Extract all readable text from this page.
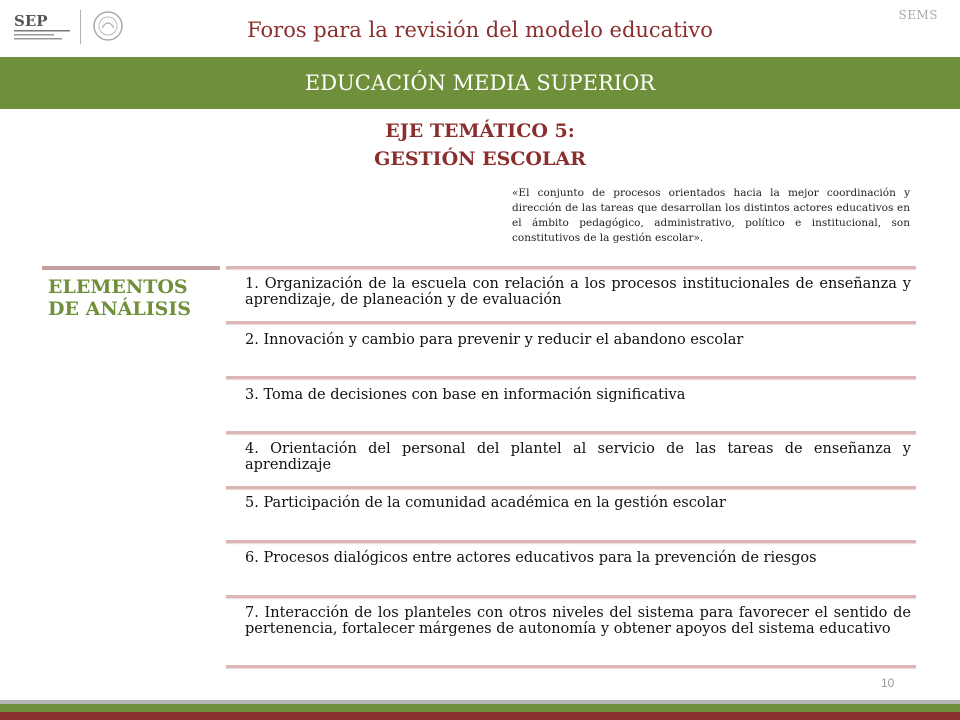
SEP	Foros para la revisión del modelo educativo
SEMS
EDUCACIÓN MEDIA SUPERIOR
EJE TEMÁTICO 5:
GESTIÓN ESCOLAR
«El conjunto de procesos orientados hacia la mejor coordinación y dirección de las tareas que desarrollan los distintos actores educativos en el ámbito pedagógico, administrativo, político e institucional, son constitutivos de la gestión escolar».
ELEMENTOS
DE ANÁLISIS
1. Organización de la escuela con relación a los procesos institucionales de enseñanza y aprendizaje, de planeación y de evaluación
2. Innovación y cambio para prevenir y reducir el abandono escolar
3. Toma de decisiones con base en información significativa
4. Orientación del personal del plantel al servicio de las tareas de enseñanza y aprendizaje
5. Participación de la comunidad académica en la gestión escolar
6. Procesos dialógicos entre actores educativos para la prevención de riesgos
7. Interacción de los planteles con otros niveles del sistema para favorecer el sentido de pertenencia, fortalecer márgenes de autonomía y obtener apoyos del sistema educativo
10
